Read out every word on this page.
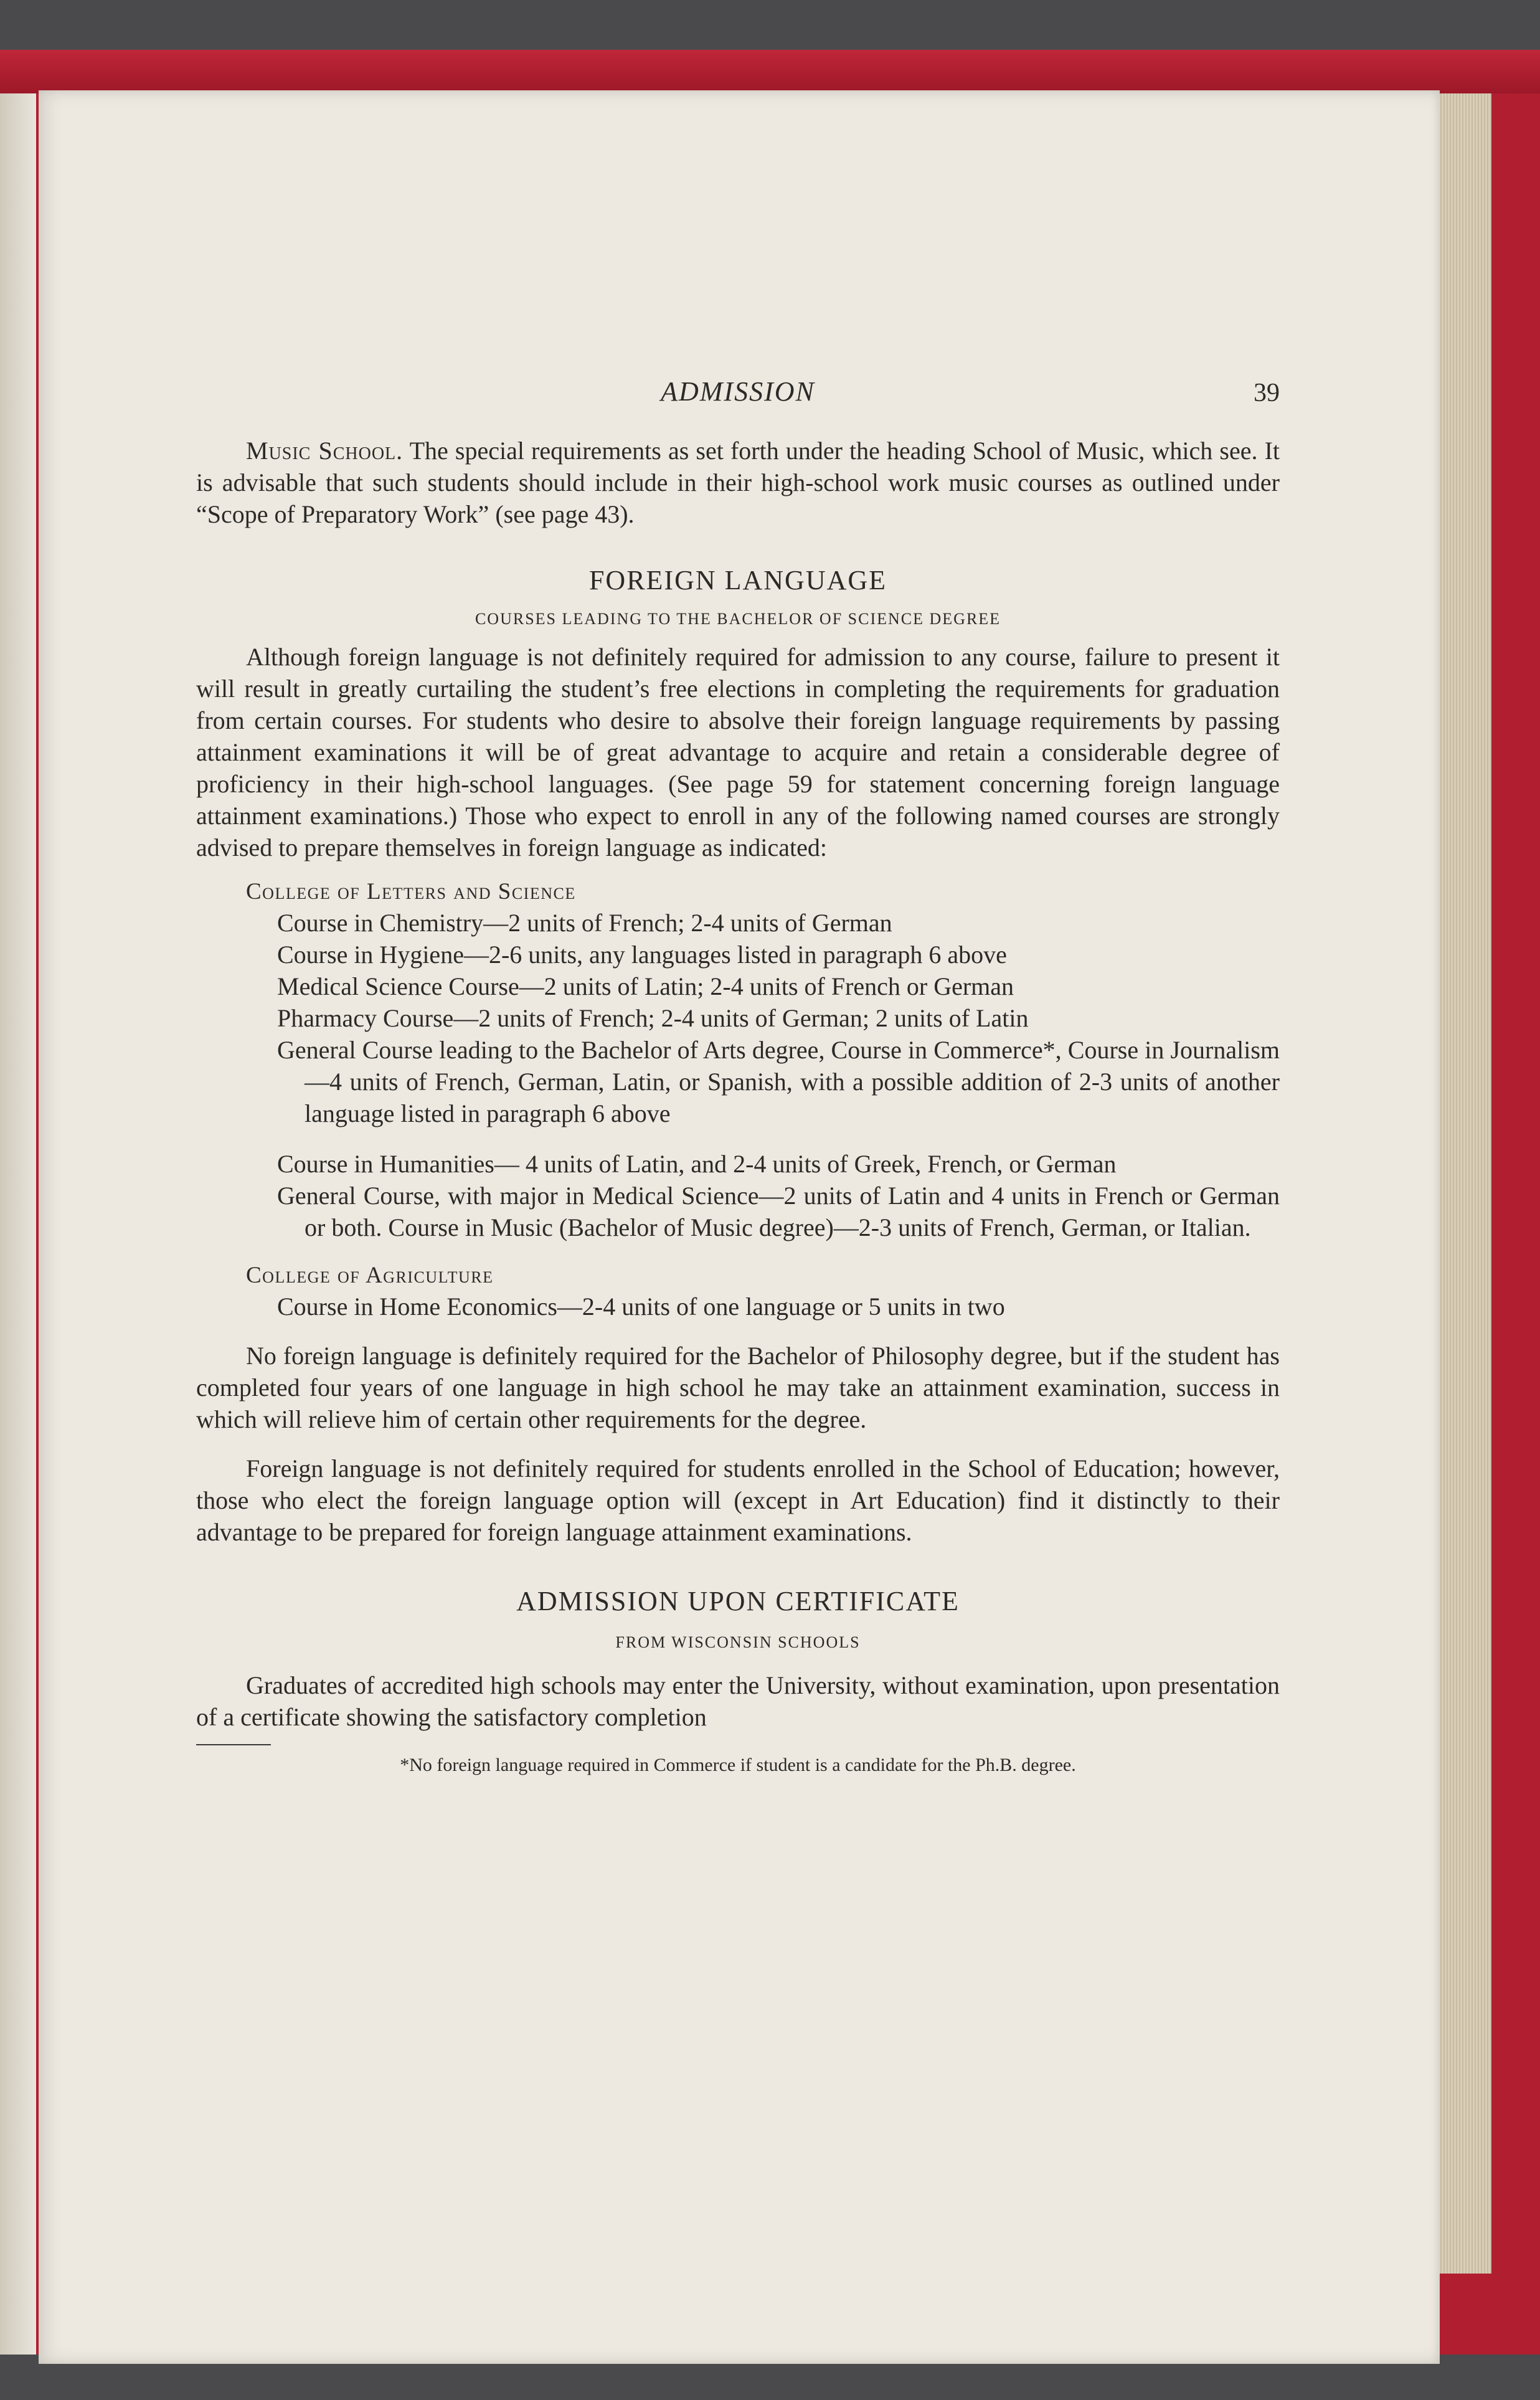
ADMISSION	39

Music School. The special requirements as set forth under the heading School of Music, which see. It is advisable that such students should include in their high-school work music courses as outlined under “Scope of Preparatory Work” (see page 43).

FOREIGN LANGUAGE
COURSES LEADING TO THE BACHELOR OF SCIENCE DEGREE

Although foreign language is not definitely required for admission to any course, failure to present it will result in greatly curtailing the student’s free elections in completing the requirements for graduation from certain courses. For students who desire to absolve their foreign language requirements by passing attainment examinations it will be of great advantage to acquire and retain a considerable degree of proficiency in their high-school languages. (See page 59 for statement concerning foreign language attainment examinations.) Those who expect to enroll in any of the following named courses are strongly advised to prepare themselves in foreign language as indicated:

College of Letters and Science
Course in Chemistry—2 units of French; 2-4 units of German
Course in Hygiene—2-6 units, any languages listed in paragraph 6 above
Medical Science Course—2 units of Latin; 2-4 units of French or German
Pharmacy Course—2 units of French; 2-4 units of German; 2 units of Latin
General Course leading to the Bachelor of Arts degree, Course in Commerce*, Course in Journalism—4 units of French, German, Latin, or Spanish, with a possible addition of 2-3 units of another language listed in paragraph 6 above
Course in Humanities— 4 units of Latin, and 2-4 units of Greek, French, or German
General Course, with major in Medical Science—2 units of Latin and 4 units in French or German or both. Course in Music (Bachelor of Music degree)—2-3 units of French, German, or Italian.
College of Agriculture
Course in Home Economics—2-4 units of one language or 5 units in two

No foreign language is definitely required for the Bachelor of Philosophy degree, but if the student has completed four years of one language in high school he may take an attainment examination, success in which will relieve him of certain other requirements for the degree.

Foreign language is not definitely required for students enrolled in the School of Education; however, those who elect the foreign language option will (except in Art Education) find it distinctly to their advantage to be prepared for foreign language attainment examinations.

ADMISSION UPON CERTIFICATE
FROM WISCONSIN SCHOOLS

Graduates of accredited high schools may enter the University, without examination, upon presentation of a certificate showing the satisfactory completion

*No foreign language required in Commerce if student is a candidate for the Ph.B. degree.
